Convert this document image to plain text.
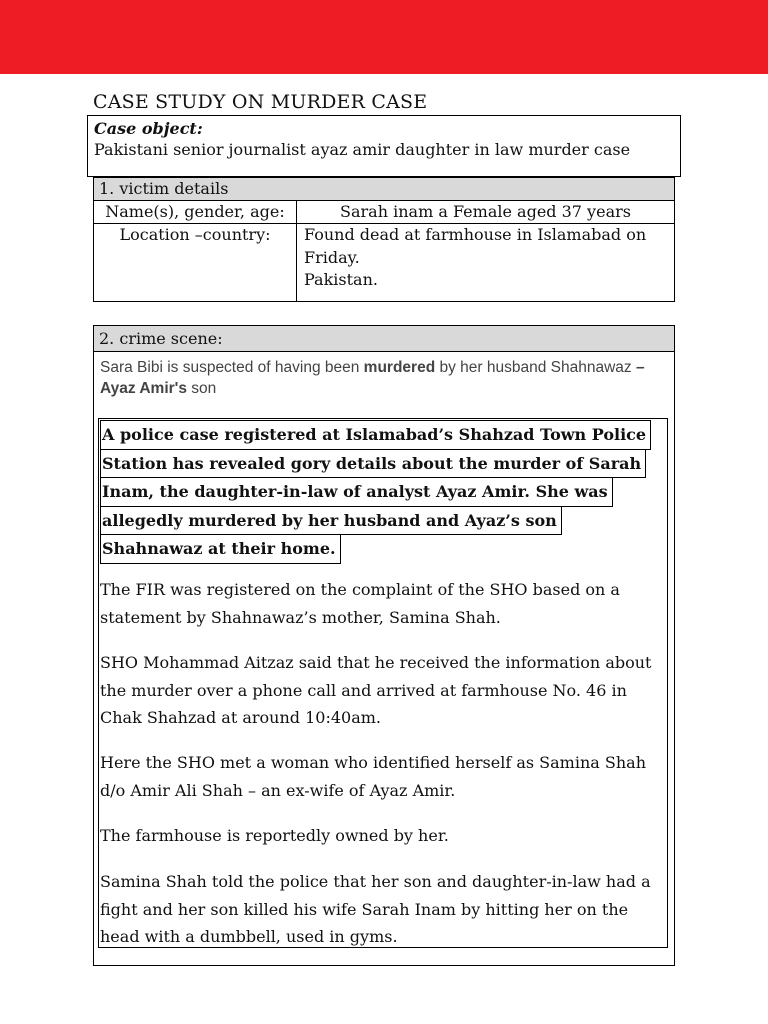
CASE STUDY ON MURDER CASE
Case object:
Pakistani senior journalist ayaz amir daughter in law murder case
1. victim details
Name(s), gender, age:	Sarah inam a Female aged 37 years
Location –country:	Found dead at farmhouse in Islamabad on
Friday.
Pakistan.
2. crime scene:
Sara Bibi is suspected of having been murdered by her husband Shahnawaz – Ayaz Amir's son
A police case registered at Islamabad’s Shahzad Town Police
Station has revealed gory details about the murder of Sarah
Inam, the daughter-in-law of analyst Ayaz Amir. She was
allegedly murdered by her husband and Ayaz’s son
Shahnawaz at their home.
The FIR was registered on the complaint of the SHO based on a statement by Shahnawaz’s mother, Samina Shah.
SHO Mohammad Aitzaz said that he received the information about the murder over a phone call and arrived at farmhouse No. 46 in Chak Shahzad at around 10:40am.
Here the SHO met a woman who identified herself as Samina Shah d/o Amir Ali Shah – an ex-wife of Ayaz Amir.
The farmhouse is reportedly owned by her.
Samina Shah told the police that her son and daughter-in-law had a fight and her son killed his wife Sarah Inam by hitting her on the head with a dumbbell, used in gyms.
